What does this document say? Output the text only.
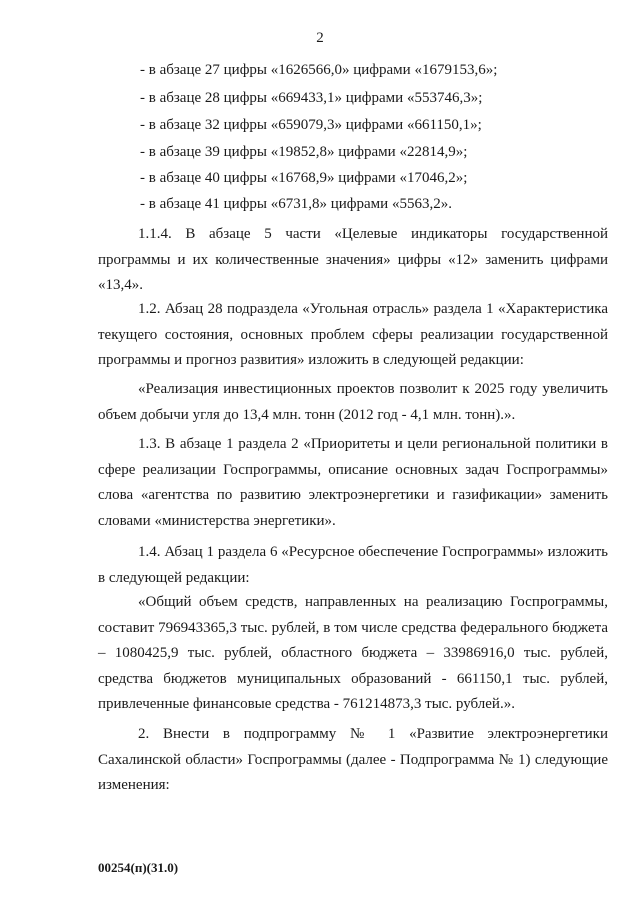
2
- в абзаце 27 цифры «1626566,0» цифрами «1679153,6»;
- в абзаце 28 цифры «669433,1» цифрами «553746,3»;
- в абзаце 32 цифры «659079,3» цифрами «661150,1»;
- в абзаце 39 цифры «19852,8» цифрами «22814,9»;
- в абзаце 40 цифры «16768,9» цифрами «17046,2»;
- в абзаце 41 цифры «6731,8» цифрами «5563,2».

1.1.4. В абзаце 5 части «Целевые индикаторы государственной программы и их количественные значения» цифры «12» заменить цифрами «13,4».

1.2. Абзац 28 подраздела «Угольная отрасль» раздела 1 «Характеристика текущего состояния, основных проблем сферы реализации государственной программы и прогноз развития» изложить в следующей редакции:

«Реализация инвестиционных проектов позволит к 2025 году увеличить объем добычи угля до 13,4 млн. тонн (2012 год - 4,1 млн. тонн).».

1.3. В абзаце 1 раздела 2 «Приоритеты и цели региональной политики в сфере реализации Госпрограммы, описание основных задач Госпрограммы» слова «агентства по развитию электроэнергетики и газификации» заменить словами «министерства энергетики».

1.4. Абзац 1 раздела 6 «Ресурсное обеспечение Госпрограммы» изложить в следующей редакции:

«Общий объем средств, направленных на реализацию Госпрограммы, составит 796943365,3 тыс. рублей, в том числе средства федерального бюджета – 1080425,9 тыс. рублей, областного бюджета – 33986916,0 тыс. рублей, средства бюджетов муниципальных образований - 661150,1 тыс. рублей, привлеченные финансовые средства - 761214873,3 тыс. рублей.».

2. Внести в подпрограмму № 1 «Развитие электроэнергетики Сахалинской области» Госпрограммы (далее - Подпрограмма № 1) следующие изменения:

00254(п)(31.0)
